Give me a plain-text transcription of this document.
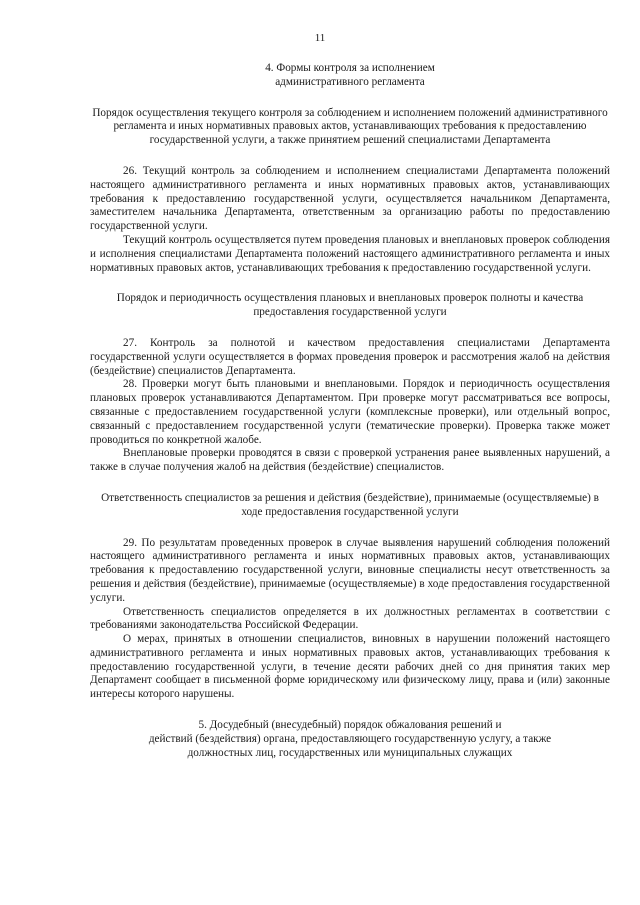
11

4. Формы контроля за исполнением
административного регламента

Порядок осуществления текущего контроля за соблюдением и исполнением положений административного регламента и иных нормативных правовых актов, устанавливающих требования к предоставлению государственной услуги, а также принятием решений специалистами Департамента

26. Текущий контроль за соблюдением и исполнением специалистами Департамента положений настоящего административного регламента и иных нормативных правовых актов, устанавливающих требования к предоставлению государственной услуги, осуществляется начальником Департамента, заместителем начальника Департамента, ответственным за организацию работы по предоставлению государственной услуги.

Текущий контроль осуществляется путем проведения плановых и внеплановых проверок соблюдения и исполнения специалистами Департамента положений настоящего административного регламента и иных нормативных правовых актов, устанавливающих требования к предоставлению государственной услуги.

Порядок и периодичность осуществления плановых и внеплановых проверок полноты и качества предоставления государственной услуги

27. Контроль за полнотой и качеством предоставления специалистами Департамента государственной услуги осуществляется в формах проведения проверок и рассмотрения жалоб на действия (бездействие) специалистов Департамента.

28. Проверки могут быть плановыми и внеплановыми. Порядок и периодичность осуществления плановых проверок устанавливаются Департаментом. При проверке могут рассматриваться все вопросы, связанные с предоставлением государственной услуги (комплексные проверки), или отдельный вопрос, связанный с предоставлением государственной услуги (тематические проверки). Проверка также может проводиться по конкретной жалобе.

Внеплановые проверки проводятся в связи с проверкой устранения ранее выявленных нарушений, а также в случае получения жалоб на действия (бездействие) специалистов.

Ответственность специалистов за решения и действия (бездействие), принимаемые (осуществляемые) в ходе предоставления государственной услуги

29. По результатам проведенных проверок в случае выявления нарушений соблюдения положений настоящего административного регламента и иных нормативных правовых актов, устанавливающих требования к предоставлению государственной услуги, виновные специалисты несут ответственность за решения и действия (бездействие), принимаемые (осуществляемые) в ходе предоставления государственной услуги.

Ответственность специалистов определяется в их должностных регламентах в соответствии с требованиями законодательства Российской Федерации.

О мерах, принятых в отношении специалистов, виновных в нарушении положений настоящего административного регламента и иных нормативных правовых актов, устанавливающих требования к предоставлению государственной услуги, в течение десяти рабочих дней со дня принятия таких мер Департамент сообщает в письменной форме юридическому или физическому лицу, права и (или) законные интересы которого нарушены.

5. Досудебный (внесудебный) порядок обжалования решений и
действий (бездействия) органа, предоставляющего государственную услугу, а также
должностных лиц, государственных или муниципальных служащих
